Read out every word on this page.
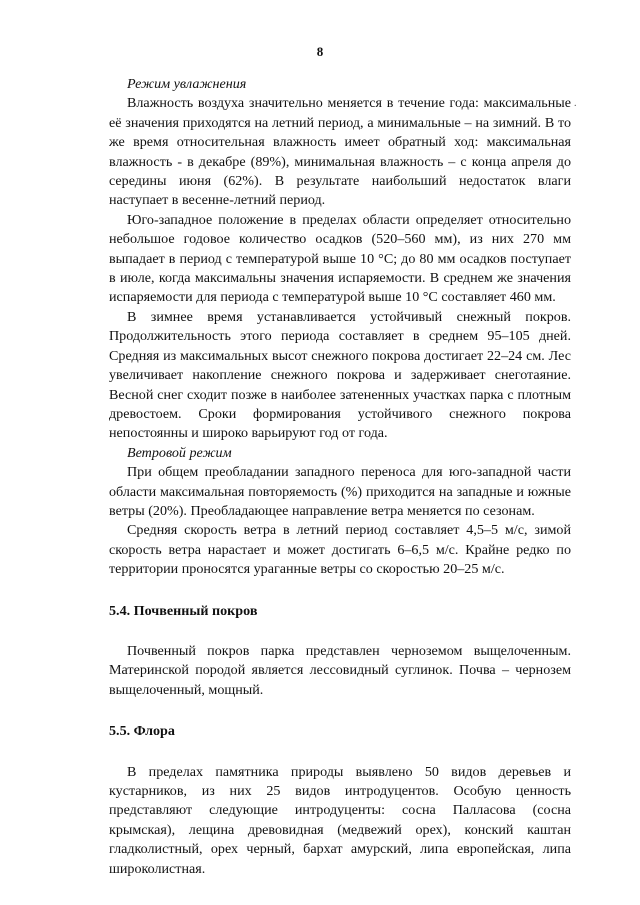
8
.

Режим увлажнения

Влажность воздуха значительно меняется в течение года: максимальные её значения приходятся на летний период, а минимальные – на зимний. В то же время относительная влажность имеет обратный ход: максимальная влажность - в декабре (89%), минимальная влажность – с конца апреля до середины июня (62%). В результате наибольший недостаток влаги наступает в весенне-летний период.

Юго-западное положение в пределах области определяет относительно небольшое годовое количество осадков (520–560 мм), из них 270 мм выпадает в период с температурой выше 10 °С; до 80 мм осадков поступает в июле, когда максимальны значения испаряемости. В среднем же значения испаряемости для периода с температурой выше 10 °С составляет 460 мм.

В зимнее время устанавливается устойчивый снежный покров. Продолжительность этого периода составляет в среднем 95–105 дней. Средняя из максимальных высот снежного покрова достигает 22–24 см. Лес увеличивает накопление снежного покрова и задерживает снеготаяние. Весной снег сходит позже в наиболее затененных участках парка с плотным древостоем. Сроки формирования устойчивого снежного покрова непостоянны и широко варьируют год от года.

Ветровой режим

При общем преобладании западного переноса для юго-западной части области максимальная повторяемость (%) приходится на западные и южные ветры (20%). Преобладающее направление ветра меняется по сезонам.

Средняя скорость ветра в летний период составляет 4,5–5 м/с, зимой скорость ветра нарастает и может достигать 6–6,5 м/с. Крайне редко по территории проносятся ураганные ветры со скоростью 20–25 м/с.

5.4. Почвенный покров

Почвенный покров парка представлен черноземом выщелоченным. Материнской породой является лессовидный суглинок. Почва – чернозем выщелоченный, мощный.

5.5. Флора

В пределах памятника природы выявлено 50 видов деревьев и кустарников, из них 25 видов интродуцентов. Особую ценность представляют следующие интродуценты: сосна Палласова (сосна крымская), лещина древовидная (медвежий орех), конский каштан гладколистный, орех черный, бархат амурский, липа европейская, липа широколистная.
